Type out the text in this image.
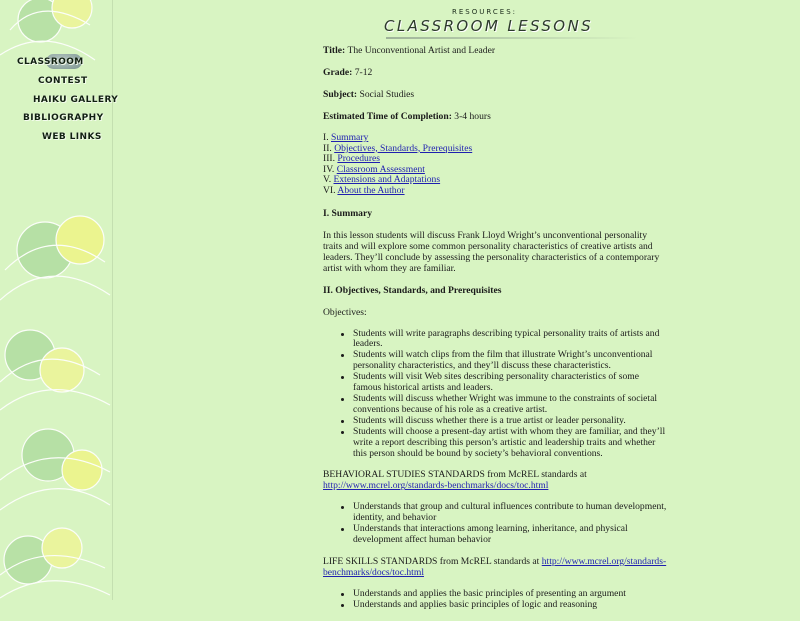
CLASSROOM
CONTEST
HAIKU GALLERY
BIBLIOGRAPHY
WEB LINKS
RESOURCES:
CLASSROOM LESSONS

Title: The Unconventional Artist and Leader

Grade: 7-12

Subject: Social Studies

Estimated Time of Completion: 3-4 hours

I. Summary
II. Objectives, Standards, Prerequisites
III. Procedures
IV. Classroom Assessment
V. Extensions and Adaptations
VI. About the Author

I. Summary

In this lesson students will discuss Frank Lloyd Wright’s unconventional personality traits and will explore some common personality characteristics of creative artists and leaders. They’ll conclude by assessing the personality characteristics of a contemporary artist with whom they are familiar.

II. Objectives, Standards, and Prerequisites

Objectives:

Students will write paragraphs describing typical personality traits of artists and leaders.
Students will watch clips from the film that illustrate Wright’s unconventional personality characteristics, and they’ll discuss these characteristics.
Students will visit Web sites describing personality characteristics of some famous historical artists and leaders.
Students will discuss whether Wright was immune to the constraints of societal conventions because of his role as a creative artist.
Students will discuss whether there is a true artist or leader personality.
Students will choose a present-day artist with whom they are familiar, and they’ll write a report describing this person’s artistic and leadership traits and whether this person should be bound by society’s behavioral conventions.

BEHAVIORAL STUDIES STANDARDS from McREL standards at http://www.mcrel.org/standards-benchmarks/docs/toc.html

Understands that group and cultural influences contribute to human development, identity, and behavior
Understands that interactions among learning, inheritance, and physical development affect human behavior

LIFE SKILLS STANDARDS from McREL standards at http://www.mcrel.org/standards-
benchmarks/docs/toc.html

Understands and applies the basic principles of presenting an argument
Understands and applies basic principles of logic and reasoning
